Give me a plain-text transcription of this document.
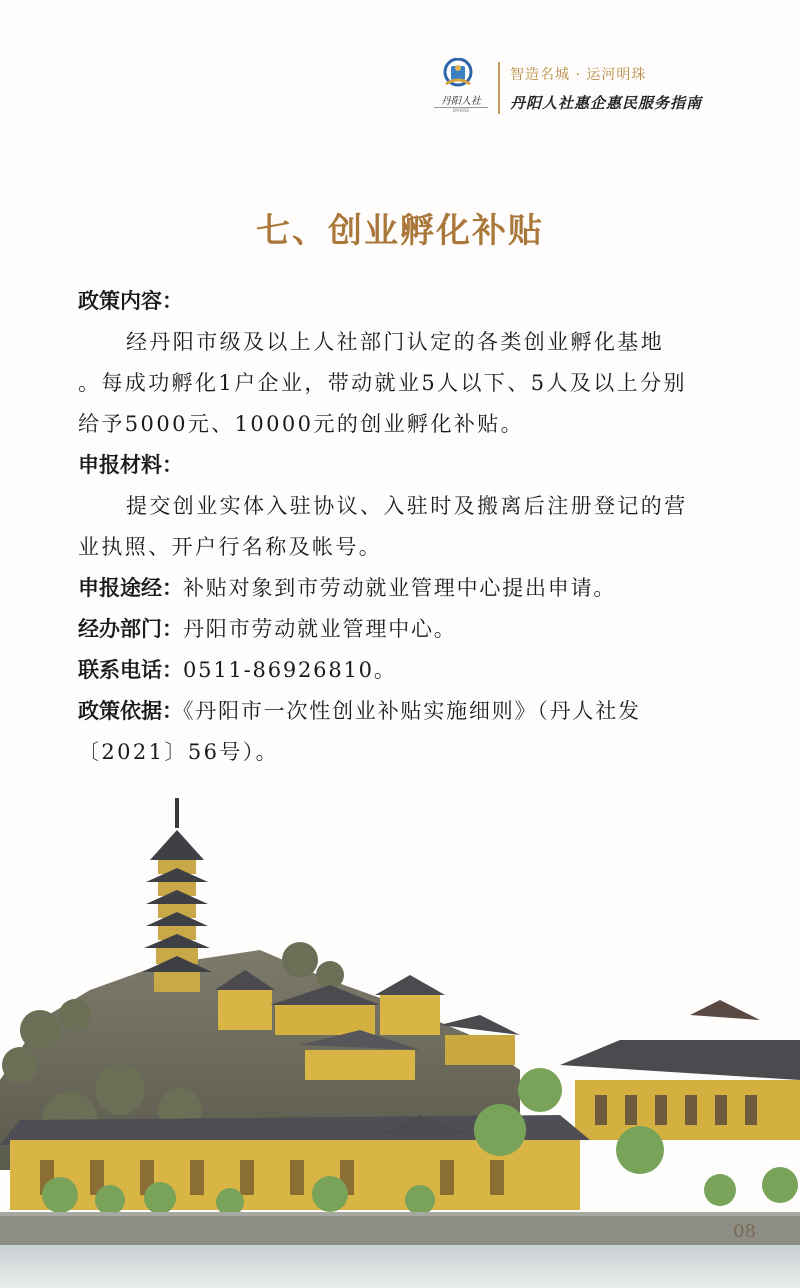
丹阳人社
DYHRSS
智造名城 · 运河明珠
丹阳人社惠企惠民服务指南
七、创业孵化补贴
政策内容：
经丹阳市级及以上人社部门认定的各类创业孵化基地
。每成功孵化1户企业，带动就业5人以下、5人及以上分别
给予5000元、10000元的创业孵化补贴。
申报材料：
提交创业实体入驻协议、入驻时及搬离后注册登记的营
业执照、开户行名称及帐号。
申报途经：补贴对象到市劳动就业管理中心提出申请。
经办部门：丹阳市劳动就业管理中心。
联系电话：0511-86926810。
政策依据：《丹阳市一次性创业补贴实施细则》（丹人社发
〔2021〕56号）。
08
